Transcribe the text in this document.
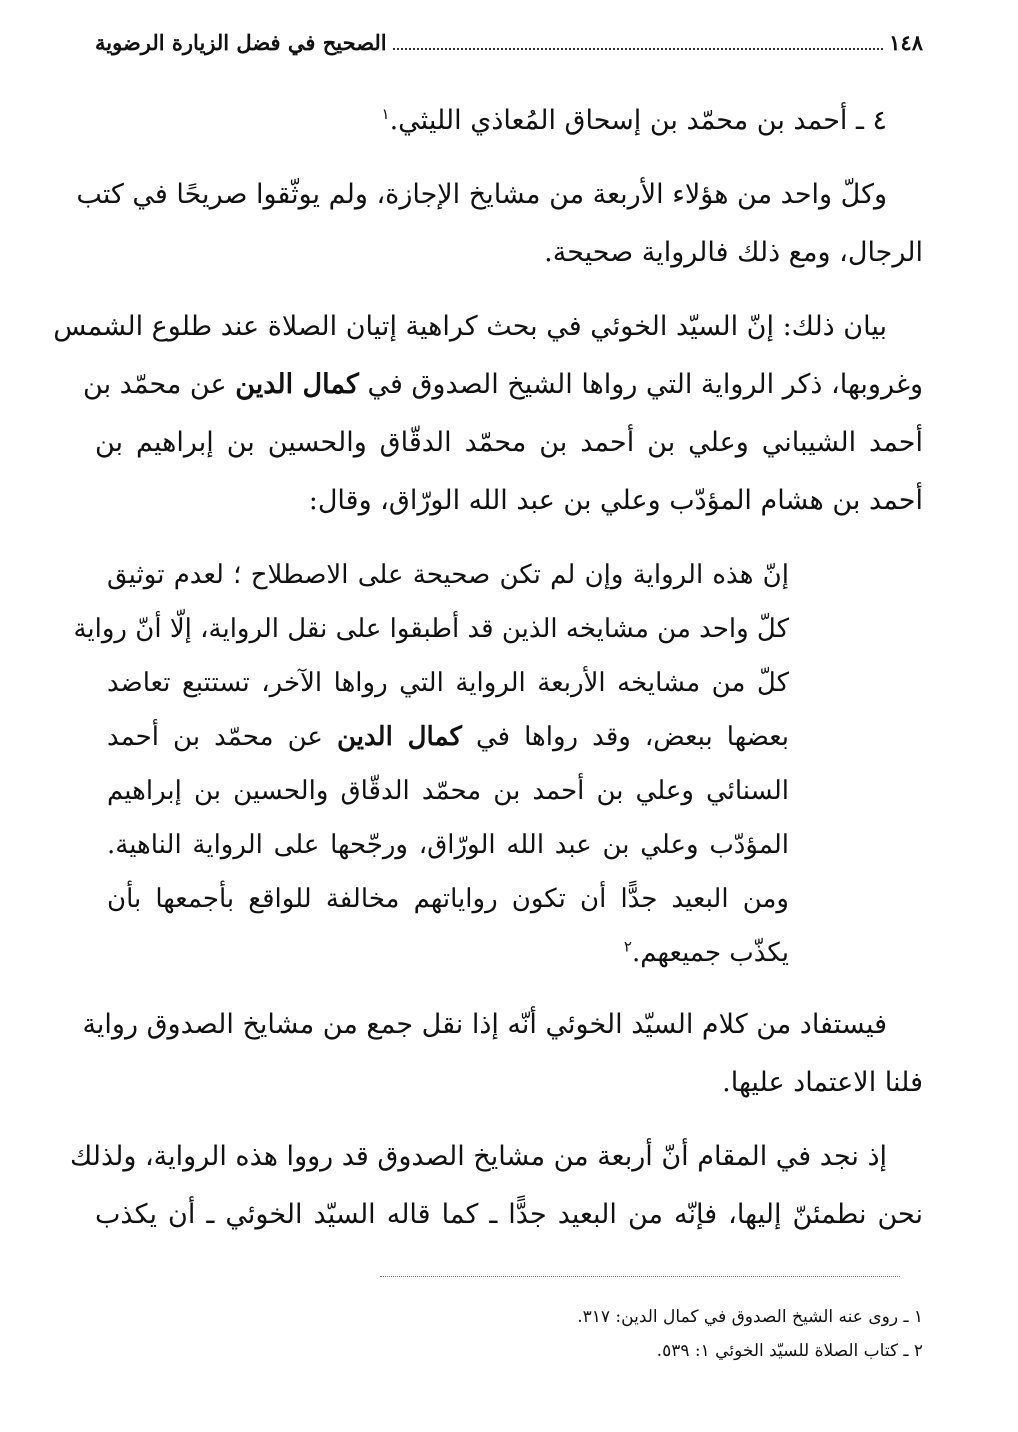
١٤٨
الصحيح في فضل الزيارة الرضوية
٤ ـ أحمد بن محمّد بن إسحاق المُعاذي الليثي.$^١$
وكلّ واحد من هؤلاء الأربعة من مشايخ الإجازة، ولم يوثّقوا صريحًا في كتب
الرجال، ومع ذلك فالرواية صحيحة.
بيان ذلك: إنّ السيّد الخوئي في بحث كراهية إتيان الصلاة عند طلوع الشمس
وغروبها، ذكر الرواية التي رواها الشيخ الصدوق في كمال الدين عن محمّد بن
أحمد الشيباني وعلي بن أحمد بن محمّد الدقّاق والحسين بن إبراهيم بن
أحمد بن هشام المؤدّب وعلي بن عبد الله الورّاق، وقال:
إنّ هذه الرواية وإن لم تكن صحيحة على الاصطلاح ؛ لعدم توثيق
كلّ واحد من مشايخه الذين قد أطبقوا على نقل الرواية، إلّا أنّ رواية
كلّ من مشايخه الأربعة الرواية التي رواها الآخر، تستتبع تعاضد
بعضها ببعض، وقد رواها في كمال الدين عن محمّد بن أحمد
السنائي وعلي بن أحمد بن محمّد الدقّاق والحسين بن إبراهيم
المؤدّب وعلي بن عبد الله الورّاق، ورجّحها على الرواية الناهية.
ومن البعيد جدًّا أن تكون رواياتهم مخالفة للواقع بأجمعها بأن
يكذّب جميعهم.$^٢$
فيستفاد من كلام السيّد الخوئي أنّه إذا نقل جمع من مشايخ الصدوق رواية
فلنا الاعتماد عليها.
إذ نجد في المقام أنّ أربعة من مشايخ الصدوق قد رووا هذه الرواية، ولذلك
نحن نطمئنّ إليها، فإنّه من البعيد جدًّا ـ كما قاله السيّد الخوئي ـ أن يكذب
١ ـ روى عنه الشيخ الصدوق في كمال الدين: ٣١٧.
٢ ـ كتاب الصلاة للسيّد الخوئي ١: ٥٣٩.
